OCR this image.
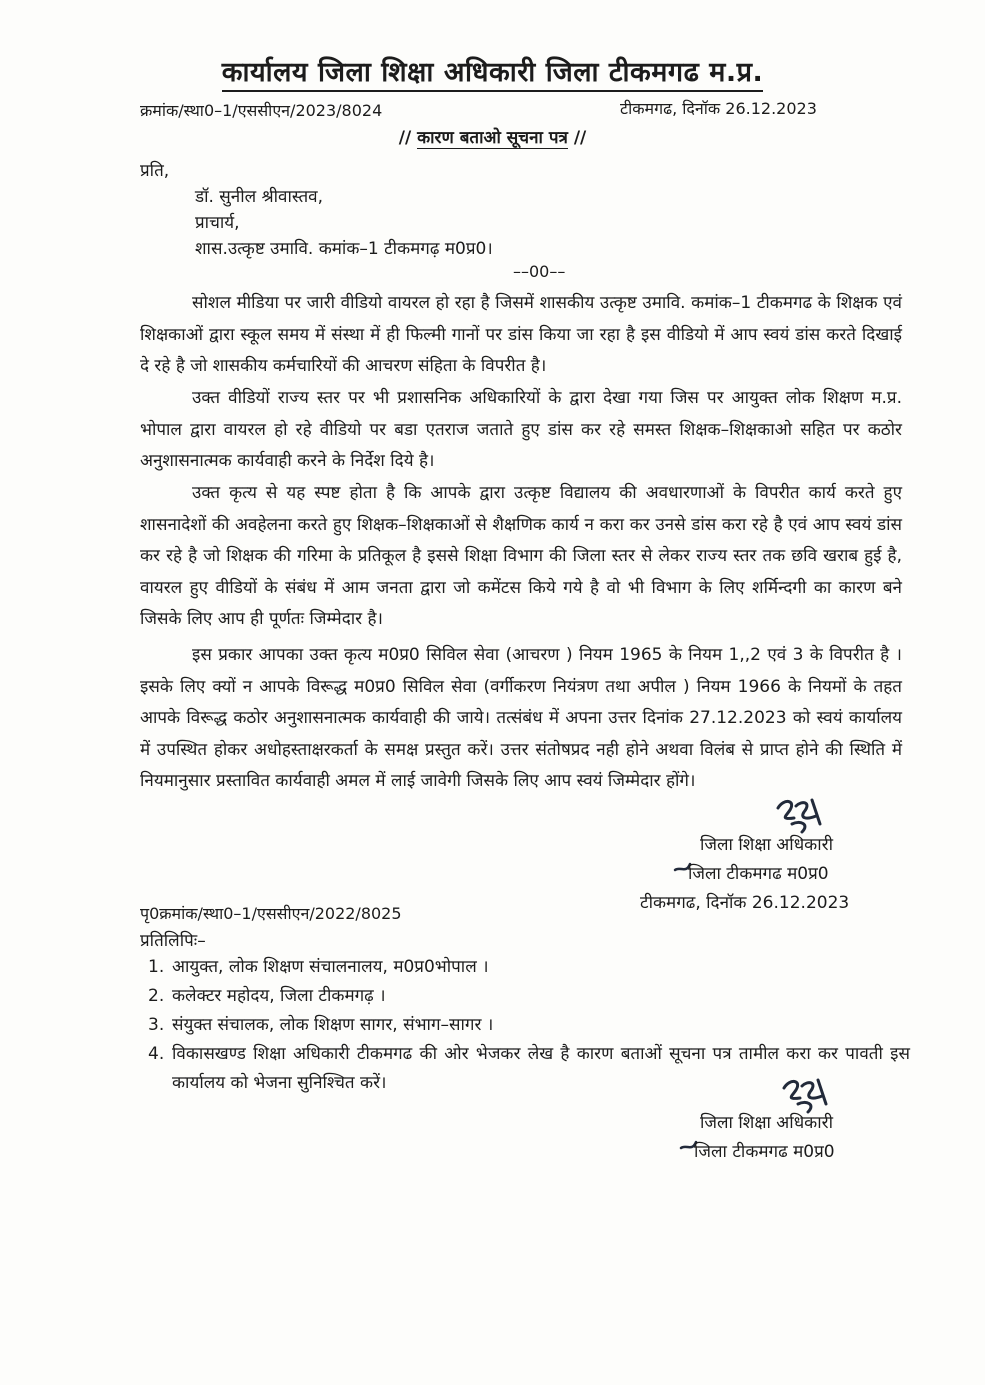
कार्यालय जिला शिक्षा अधिकारी जिला टीकमगढ म.प्र.
क्रमांक/स्था0–1/एससीएन/2023/8024	टीकमगढ, दिनॉक 26.12.2023
// कारण बताओ सूचना पत्र //
प्रति,
डॉ. सुनील श्रीवास्तव,
प्राचार्य,
शास.उत्कृष्ट उमावि. कमांक–1 टीकमगढ़ म0प्र0।
––00––

सोशल मीडिया पर जारी वीडियो वायरल हो रहा है जिसमें शासकीय उत्कृष्ट उमावि. कमांक–1 टीकमगढ के शिक्षक एवं शिक्षकाओं द्वारा स्कूल समय में संस्था में ही फिल्मी गानों पर डांस किया जा रहा है इस वीडियो में आप स्वयं डांस करते दिखाई दे रहे है जो शासकीय कर्मचारियों की आचरण संहिता के विपरीत है।

उक्त वीडियों राज्य स्तर पर भी प्रशासनिक अधिकारियों के द्वारा देखा गया जिस पर आयुक्त लोक शिक्षण म.प्र. भोपाल द्वारा वायरल हो रहे वीडियो पर बडा एतराज जताते हुए डांस कर रहे समस्त शिक्षक–शिक्षकाओ सहित पर कठोर अनुशासनात्मक कार्यवाही करने के निर्देश दिये है।

उक्त कृत्य से यह स्पष्ट होता है कि आपके द्वारा उत्कृष्ट विद्यालय की अवधारणाओं के विपरीत कार्य करते हुए शासनादेशों की अवहेलना करते हुए शिक्षक–शिक्षकाओं से शैक्षणिक कार्य न करा कर उनसे डांस करा रहे है एवं आप स्वयं डांस कर रहे है जो शिक्षक की गरिमा के प्रतिकूल है इससे शिक्षा विभाग की जिला स्तर से लेकर राज्य स्तर तक छवि खराब हुई है, वायरल हुए वीडियों के संबंध में आम जनता द्वारा जो कमेंटस किये गये है वो भी विभाग के लिए शर्मिन्दगी का कारण बने जिसके लिए आप ही पूर्णतः जिम्मेदार है।

इस प्रकार आपका उक्त कृत्य म0प्र0 सिविल सेवा (आचरण ) नियम 1965 के नियम 1,,2 एवं 3 के विपरीत है । इसके लिए क्यों न आपके विरूद्ध म0प्र0 सिविल सेवा (वर्गीकरण नियंत्रण तथा अपील ) नियम 1966 के नियमों के तहत आपके विरूद्ध कठोर अनुशासनात्मक कार्यवाही की जाये। तत्संबंध में अपना उत्तर दिनांक 27.12.2023 को स्वयं कार्यालय में उपस्थित होकर अधोहस्ताक्षरकर्ता के समक्ष प्रस्तुत करें। उत्तर संतोषप्रद नही होने अथवा विलंब से प्राप्त होने की स्थिति में नियमानुसार प्रस्तावित कार्यवाही अमल में लाई जावेगी जिसके लिए आप स्वयं जिम्मेदार होंगे।

जिला शिक्षा अधिकारी
जिला टीकमगढ म0प्र0
टीकमगढ, दिनॉक 26.12.2023
पृ0क्रमांक/स्था0–1/एससीएन/2022/8025
प्रतिलिपिः–
1. आयुक्त, लोक शिक्षण संचालनालय, म0प्र0भोपाल ।
2. कलेक्टर महोदय, जिला टीकमगढ़ ।
3. संयुक्त संचालक, लोक शिक्षण सागर, संभाग–सागर ।
4. विकासखण्ड शिक्षा अधिकारी टीकमगढ की ओर भेजकर लेख है कारण बताओं सूचना पत्र तामील करा कर पावती इस कार्यालय को भेजना सुनिश्चित करें।
जिला शिक्षा अधिकारी
जिला टीकमगढ म0प्र0
